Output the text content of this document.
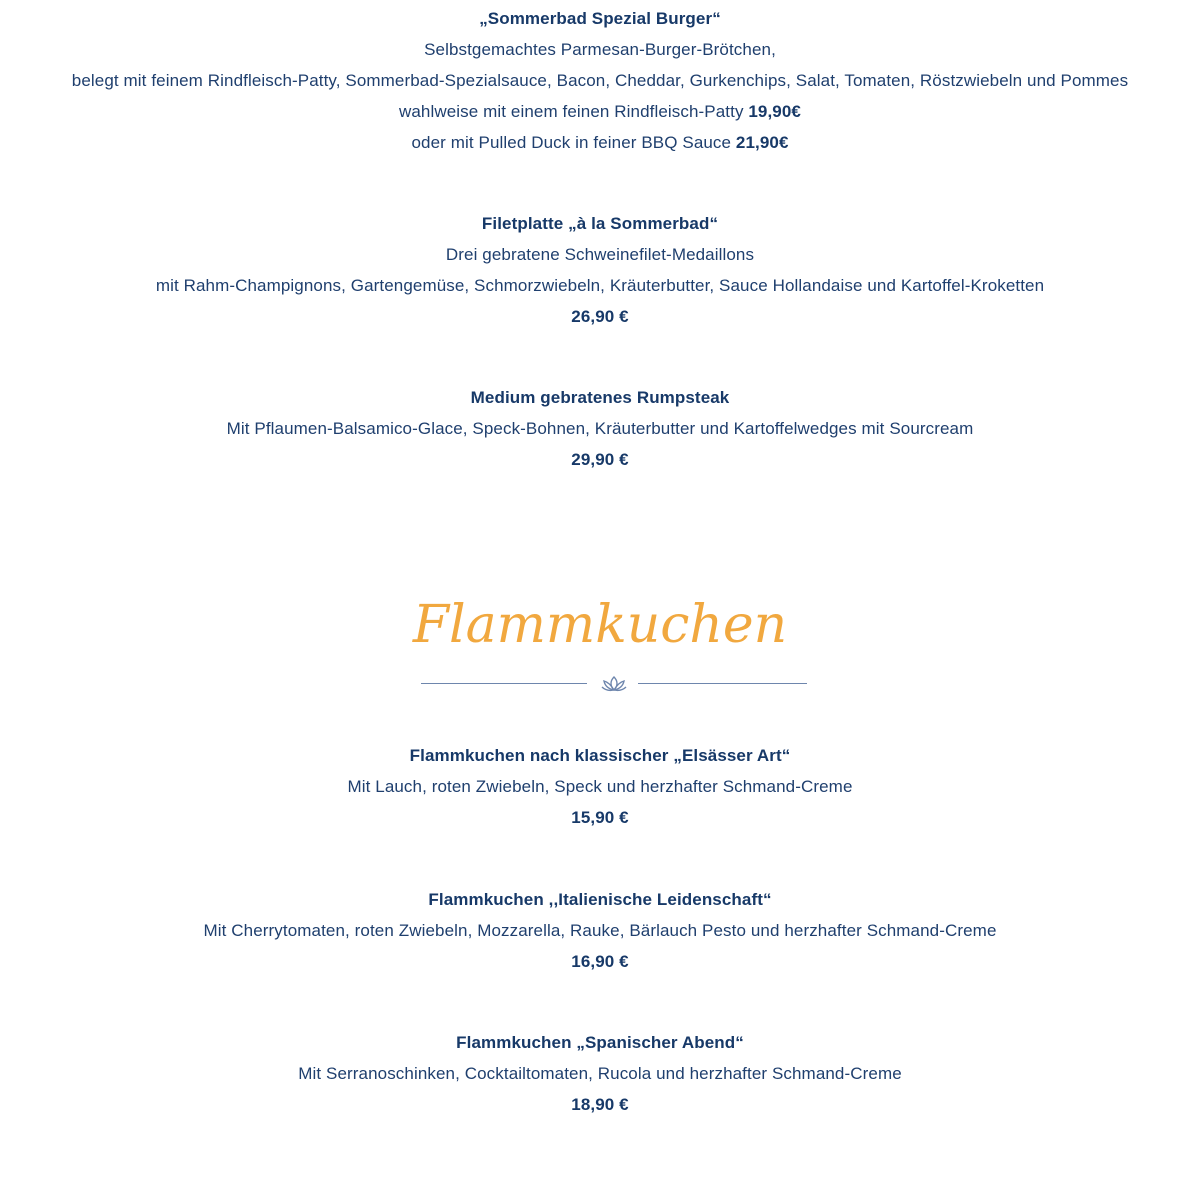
„Sommerbad Spezial Burger“
Selbstgemachtes Parmesan-Burger-Brötchen,
belegt mit feinem Rindfleisch-Patty, Sommerbad-Spezialsauce, Bacon, Cheddar, Gurkenchips, Salat, Tomaten, Röstzwiebeln und Pommes
wahlweise mit einem feinen Rindfleisch-Patty 19,90€
oder mit Pulled Duck in feiner BBQ Sauce 21,90€
Filetplatte „à la Sommerbad“
Drei gebratene Schweinefilet-Medaillons
mit Rahm-Champignons, Gartengemüse, Schmorzwiebeln, Kräuterbutter, Sauce Hollandaise und Kartoffel-Kroketten
26,90 €
Medium gebratenes Rumpsteak
Mit Pflaumen-Balsamico-Glace, Speck-Bohnen, Kräuterbutter und Kartoffelwedges mit Sourcream
29,90 €
Flammkuchen
Flammkuchen nach klassischer „Elsässer Art“
Mit Lauch, roten Zwiebeln, Speck und herzhafter Schmand-Creme
15,90 €
Flammkuchen ,,Italienische Leidenschaft“
Mit Cherrytomaten, roten Zwiebeln, Mozzarella, Rauke, Bärlauch Pesto und herzhafter Schmand-Creme
16,90 €
Flammkuchen „Spanischer Abend“
Mit Serranoschinken, Cocktailtomaten, Rucola und herzhafter Schmand-Creme
18,90 €
